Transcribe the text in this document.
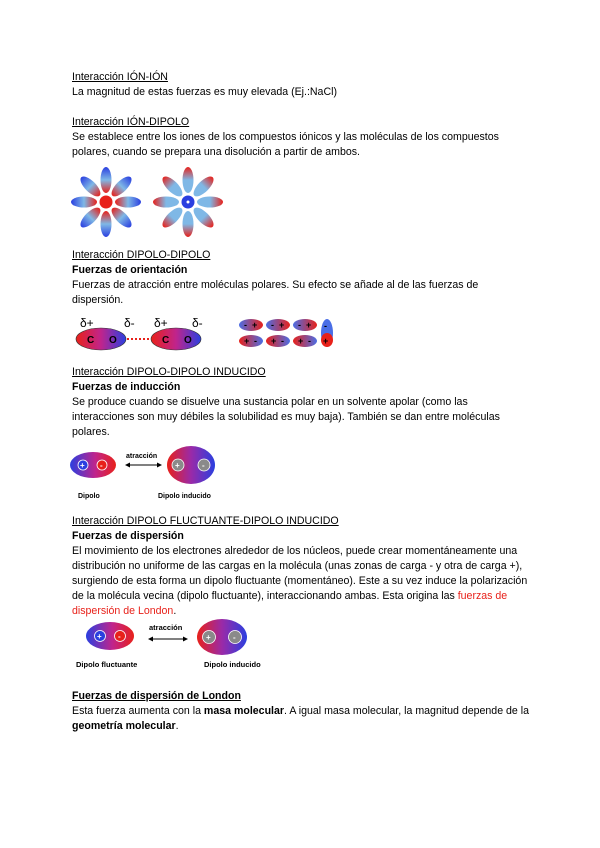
Interacción IÓN-IÓN

La magnitud de estas fuerzas es muy elevada (Ej.:NaCl)

Interacción IÓN-DIPOLO

Se establece entre los iones de los compuestos iónicos y las moléculas de los compuestos polares, cuando se prepara una disolución a partir de ambos.

Interacción DIPOLO-DIPOLO

Fuerzas de orientación

Fuerzas de atracción entre moléculas polares. Su efecto se añade al de las fuerzas de dispersión.

δ+	δ- δ+ δ-
C O	C O
- + - + - +
+ - + - + -
-
+

Interacción DIPOLO-DIPOLO INDUCIDO

Fuerzas de inducción

Se produce cuando se disuelve una sustancia polar en un solvente apolar (como las interacciones son muy débiles la solubilidad es muy baja). También se dan entre moléculas polares.

+ -
atracción
+	-
Dipolo	Dipolo inducido

Interacción DIPOLO FLUCTUANTE-DIPOLO INDUCIDO

Fuerzas de dispersión

El movimiento de los electrones alrededor de los núcleos, puede crear momentáneamente una distribución no uniforme de las cargas en la molécula (unas zonas de carga - y otra de carga +), surgiendo de esta forma un dipolo fluctuante (momentáneo). Este a su vez induce la polarización de la molécula vecina (dipolo fluctuante), interaccionando ambas. Esta origina las fuerzas de dispersión de London.

+ -
atracción
+	-
Dipolo fluctuante	Dipolo inducido

Fuerzas de dispersión de London

Esta fuerza aumenta con la masa molecular. A igual masa molecular, la magnitud depende de la geometría molecular.
